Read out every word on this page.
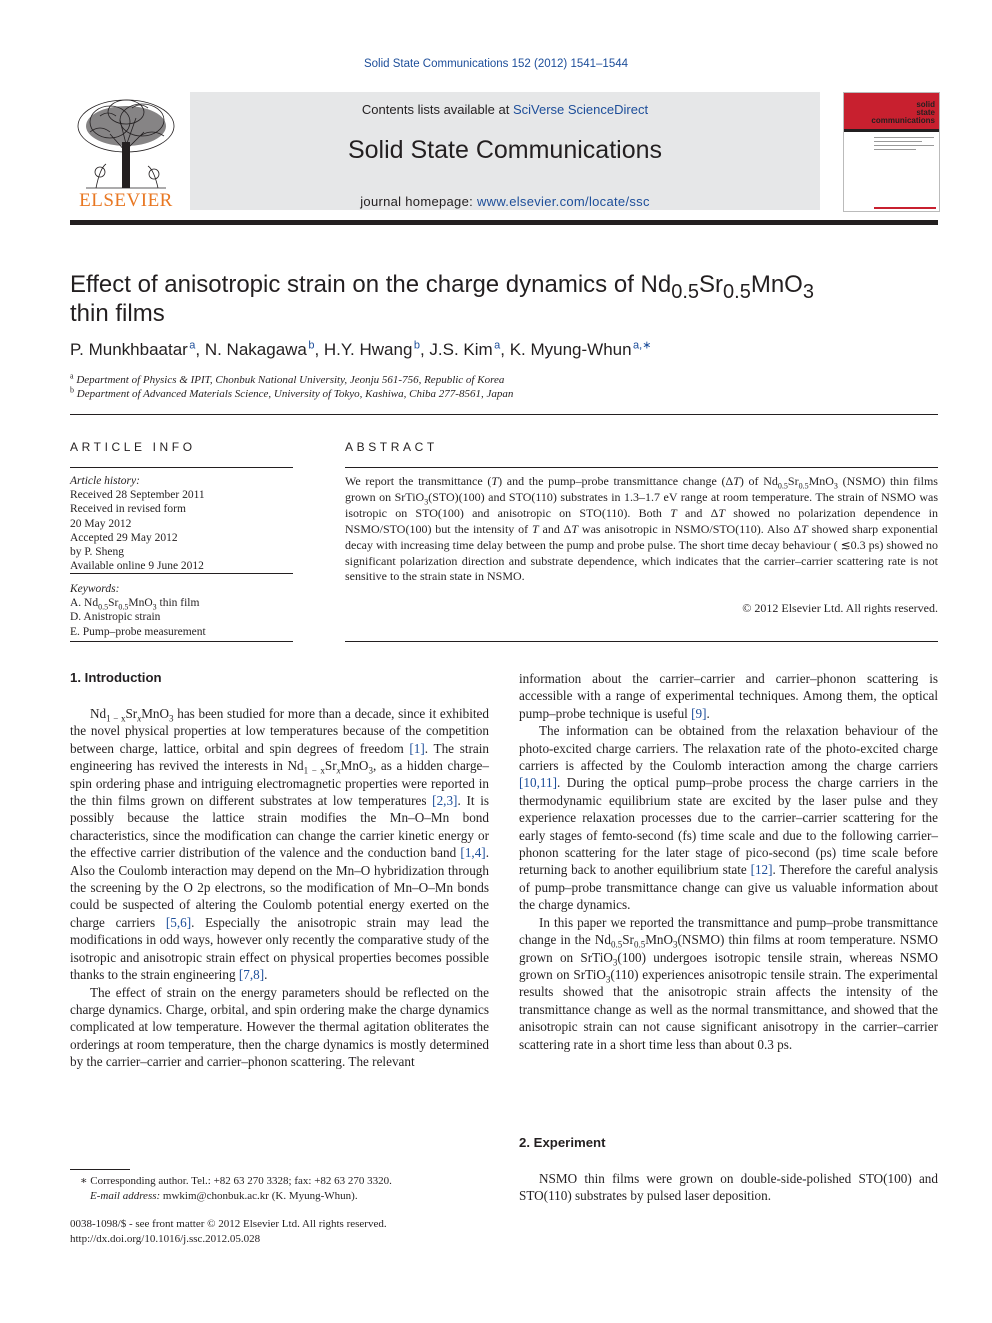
Solid State Communications 152 (2012) 1541–1544
ELSEVIER
Contents lists available at SciVerse ScienceDirect
Solid State Communications
journal homepage: www.elsevier.com/locate/ssc
solid
state
communications
Effect of anisotropic strain on the charge dynamics of $Nd_{0.5}Sr_{0.5}MnO_3$
thin films
P. Munkhbaatar $^a$, N. Nakagawa $^b$, H.Y. Hwang $^b$, J.S. Kim $^a$, K. Myung-Whun $^{a,∗}$
$^a$ Department of Physics & IPIT, Chonbuk National University, Jeonju 561-756, Republic of Korea
$^b$ Department of Advanced Materials Science, University of Tokyo, Kashiwa, Chiba 277-8561, Japan
ARTICLE INFO
Article history:
Received 28 September 2011
Received in revised form
20 May 2012
Accepted 29 May 2012
by P. Sheng
Available online 9 June 2012
Keywords:
A. $Nd_{0.5}Sr_{0.5}MnO_3$ thin film
D. Anistropic strain
E. Pump–probe measurement
ABSTRACT
We report the transmittance (T) and the pump–probe transmittance change (ΔT) of $Nd_{0.5}Sr_{0.5}MnO_3$ (NSMO) thin films grown on SrTiO$_3$(STO)(100) and STO(110) substrates in 1.3–1.7 eV range at room temperature. The strain of NSMO was isotropic on STO(100) and anisotropic on STO(110). Both T and ΔT showed no polarization dependence in NSMO/STO(100) but the intensity of T and ΔT was anisotropic in NSMO/STO(110). Also ΔT showed sharp exponential decay with increasing time delay between the pump and probe pulse. The short time decay behaviour ( ≲0.3 ps) showed no significant polarization direction and substrate dependence, which indicates that the carrier–carrier scattering rate is not sensitive to the strain state in NSMO.
© 2012 Elsevier Ltd. All rights reserved.
1. Introduction

$Nd_{1 - x}Sr_xMnO_3$ has been studied for more than a decade, since it exhibited the novel physical properties at low temperatures because of the competition between charge, lattice, orbital and spin degrees of freedom [1]. The strain engineering has revived the interests in $Nd_{1 - x}Sr_xMnO_3$, as a hidden charge–spin ordering phase and intriguing electromagnetic properties were reported in the thin films grown on different substrates at low temperatures [2,3]. It is possibly because the lattice strain modifies the Mn–O–Mn bond characteristics, since the modification can change the carrier kinetic energy or the effective carrier distribution of the valence and the conduction band [1,4]. Also the Coulomb interaction may depend on the Mn–O hybridization through the screening by the O 2p electrons, so the modification of Mn–O–Mn bonds could be suspected of altering the Coulomb potential energy exerted on the charge carriers [5,6]. Especially the anisotropic strain may lead the modifications in odd ways, however only recently the comparative study of the isotropic and anisotropic strain effect on physical properties becomes possible thanks to the strain engineering [7,8].

The effect of strain on the energy parameters should be reflected on the charge dynamics. Charge, orbital, and spin ordering make the charge dynamics complicated at low temperature. However the thermal agitation obliterates the orderings at room temperature, then the charge dynamics is mostly determined by the carrier–carrier and carrier–phonon scattering. The relevant

information about the carrier–carrier and carrier–phonon scattering is accessible with a range of experimental techniques. Among them, the optical pump–probe technique is useful [9].

The information can be obtained from the relaxation behaviour of the photo-excited charge carriers. The relaxation rate of the photo-excited charge carriers is affected by the Coulomb interaction among the charge carriers [10,11]. During the optical pump–probe process the charge carriers in the thermodynamic equilibrium state are excited by the laser pulse and they experience relaxation processes due to the carrier–carrier scattering for the early stages of femto-second (fs) time scale and due to the following carrier–phonon scattering for the later stage of pico-second (ps) time scale before returning back to another equilibrium state [12]. Therefore the careful analysis of pump–probe transmittance change can give us valuable information about the charge dynamics.

In this paper we reported the transmittance and pump–probe transmittance change in the $Nd_{0.5}Sr_{0.5}MnO_3(NSMO)$ thin films at room temperature. NSMO grown on SrTiO$_3$(100) undergoes isotropic tensile strain, whereas NSMO grown on SrTiO$_3$(110) experiences anisotropic tensile strain. The experimental results showed that the anisotropic strain affects the intensity of the transmittance change as well as the normal transmittance, and showed that the anisotropic strain can not cause significant anisotropy in the carrier–carrier scattering rate in a short time less than about 0.3 ps.

2. Experiment

NSMO thin films were grown on double-side-polished STO(100) and STO(110) substrates by pulsed laser deposition.

∗ Corresponding author. Tel.: +82 63 270 3328; fax: +82 63 270 3320.
E-mail address: mwkim@chonbuk.ac.kr (K. Myung-Whun).
0038-1098/$ - see front matter © 2012 Elsevier Ltd. All rights reserved.
http://dx.doi.org/10.1016/j.ssc.2012.05.028
